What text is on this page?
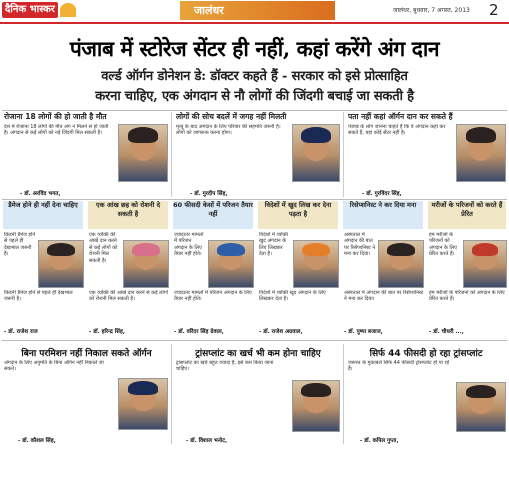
दैनिक भास्कर	जालंधर	जालंधर, बुधवार, 7 अगस्त, 2013 2
पंजाब में स्टोरेज सेंटर ही नहीं, कहां करेंगे अंग दान
वर्ल्ड ऑर्गन डोनेशन डे: डॉक्टर कहते हैं - सरकार को इसे प्रोत्साहित
करना चाहिए, एक अंगदान से नौ लोगों की जिंदगी बचाई जा सकती है
रोजाना 18 लोगों की हो जाती है मौत
देश में रोजाना 18 लोगों की मौत अंग न मिलने से हो जाती है। अंगदान से कई लोगों को नई जिंदगी मिल सकती है।
- डॉ. अरविंद भगत,
लोगों की सोच बदलें में जगह नहीं मिलती
मृत्यु के बाद अंगदान के लिए परिवार की सहमति जरूरी है। लोगों को जागरूक करना होगा।
- डॉ. गुरदीप सिंह,
पता नहीं कहां ऑर्गन दान कर सकते हैं
पंजाब के लोग जानना चाहते हैं कि वे अंगदान कहां कर सकते हैं, यहां कोई सेंटर नहीं है।
- डॉ. गुरविंदर सिंह,
डैमेज होने ही नहीं देना चाहिए
किडनी डैमेज होने से पहले ही देखभाल जरूरी है।
किडनी डैमेज होने से पहले ही देखभाल जरूरी है।
- डॉ. राजेश राज
एक आंख छह को रोशनी दे सकती है
एक व्यक्ति की आंखें दान करने से कई लोगों को रोशनी मिल सकती है।
एक व्यक्ति की आंखें दान करने से कई लोगों को रोशनी मिल सकती है।
- डॉ. हरिन्द्र सिंह,
60 फीसदी केसों में परिजन तैयार नहीं
ज्यादातर मामलों में परिजन अंगदान के लिए तैयार नहीं होते।
ज्यादातर मामलों में परिजन अंगदान के लिए तैयार नहीं होते।
- डॉ. वरिंदर सिंह ग्रेवाल,
विदेशों में खुद लिख कर देना पड़ता है
विदेशों में व्यक्ति खुद अंगदान के लिए लिखकर देता है।
विदेशों में व्यक्ति खुद अंगदान के लिए लिखकर देता है।
- डॉ. राजेश अग्रवाल,
रिसेप्शनिस्ट ने कर दिया मना
अस्पताल में अंगदान की बात पर रिसेप्शनिस्ट ने मना कर दिया।
अस्पताल में अंगदान की बात पर रिसेप्शनिस्ट ने मना कर दिया।
- डॉ. पुष्पा बजाज,
मरीजों के परिजनों को करते हैं प्रेरित
हम मरीजों के परिजनों को अंगदान के लिए प्रेरित करते हैं।
हम मरीजों के परिजनों को अंगदान के लिए प्रेरित करते हैं।
- डॉ. चौधरी ...,
बिना परमिशन नहीं निकाल सकते ऑर्गन
अंगदान के लिए अनुमति के बिना ऑर्गन नहीं निकाले जा सकते।
- डॉ. कौशल सिंह,
ट्रांसप्लांट का खर्च भी कम होना चाहिए
ट्रांसप्लांट का खर्च बहुत ज्यादा है, इसे कम किया जाना चाहिए।
- डॉ. विशाल भनोट,
सिर्फ 44 फीसदी हो रहा ट्रांसप्लांट
जरूरत के मुकाबले सिर्फ 44 फीसदी ट्रांसप्लांट हो पा रहे हैं।
- डॉ. कपिल गुप्ता,
